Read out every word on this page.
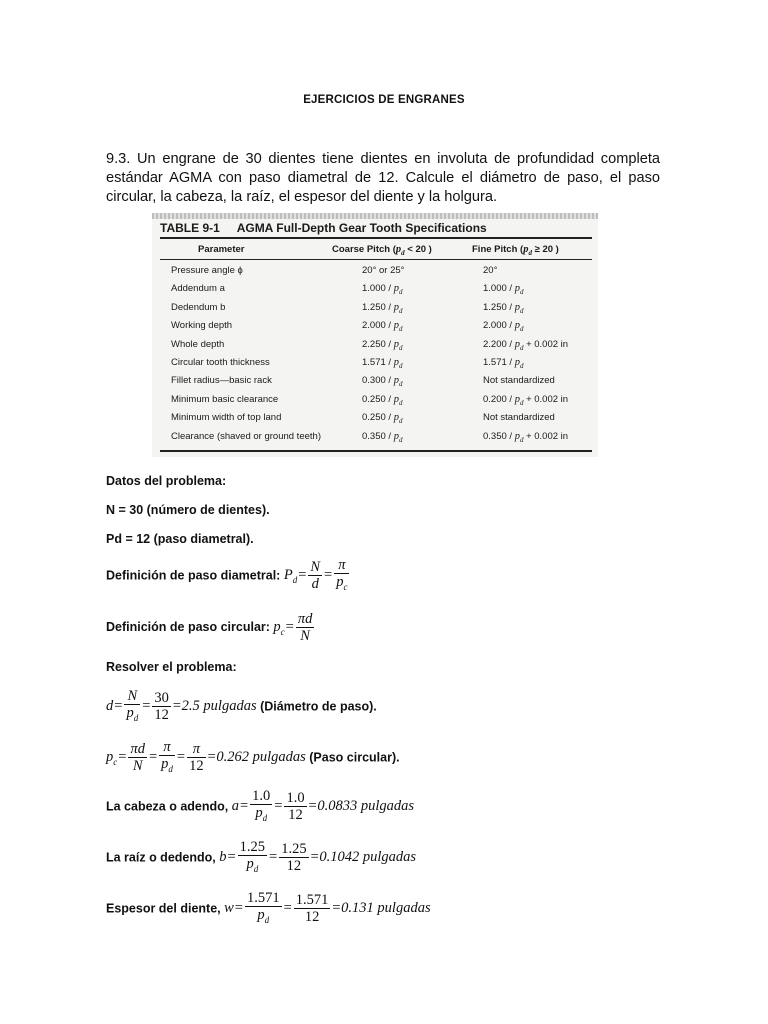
EJERCICIOS DE ENGRANES
9.3. Un engrane de 30 dientes tiene dientes en involuta de profundidad completa estándar AGMA con paso diametral de 12. Calcule el diámetro de paso, el paso circular, la cabeza, la raíz, el espesor del diente y la holgura.
TABLE 9-1 AGMA Full-Depth Gear Tooth Specifications
Parameter	Coarse Pitch ($p_d < 20$ )	Fine Pitch ($p_d \ge 20$ )
Pressure angle ϕ	20° or 25°	20°
Addendum a	$1.000 / p_d$	$1.000 / p_d$
Dedendum b	$1.250 / p_d$	$1.250 / p_d$
Working depth	$2.000 / p_d$	$2.000 / p_d$
Whole depth	$2.250 / p_d$	$2.200 / p_d + 0.002$ in
Circular tooth thickness	$1.571 / p_d$	$1.571 / p_d$
Fillet radius—basic rack	$0.300 / p_d$	Not standardized
Minimum basic clearance	$0.250 / p_d$	$0.200 / p_d + 0.002$ in
Minimum width of top land	$0.250 / p_d$	Not standardized
Clearance (shaved or ground teeth)	$0.350 / p_d$	$0.350 / p_d + 0.002$ in
Datos del problema:
N = 30 (número de dientes).
Pd = 12 (paso diametral).
Definición de paso diametral: $P_d= \frac{N}{d} = \frac{\pi}{p_c}$
Definición de paso circular: $p_c= \frac{\pi d}{N}$
Resolver el problema:
$d= \frac{N}{p_d} = \frac{30}{12} =2.5$ pulgadas (Diámetro de paso).
$p_c= \frac{\pi d}{N} = \frac{\pi}{p_d} = \frac{\pi}{12} =0.262$ pulgadas (Paso circular).
La cabeza o adendo, $a= \frac{1.0}{p_d} = \frac{1.0}{12} =0.0833$ pulgadas
La raíz o dedendo, $b= \frac{1.25}{p_d} = \frac{1.25}{12} =0.1042$ pulgadas
Espesor del diente, $w= \frac{1.571}{p_d} = \frac{1.571}{12} =0.131$ pulgadas
